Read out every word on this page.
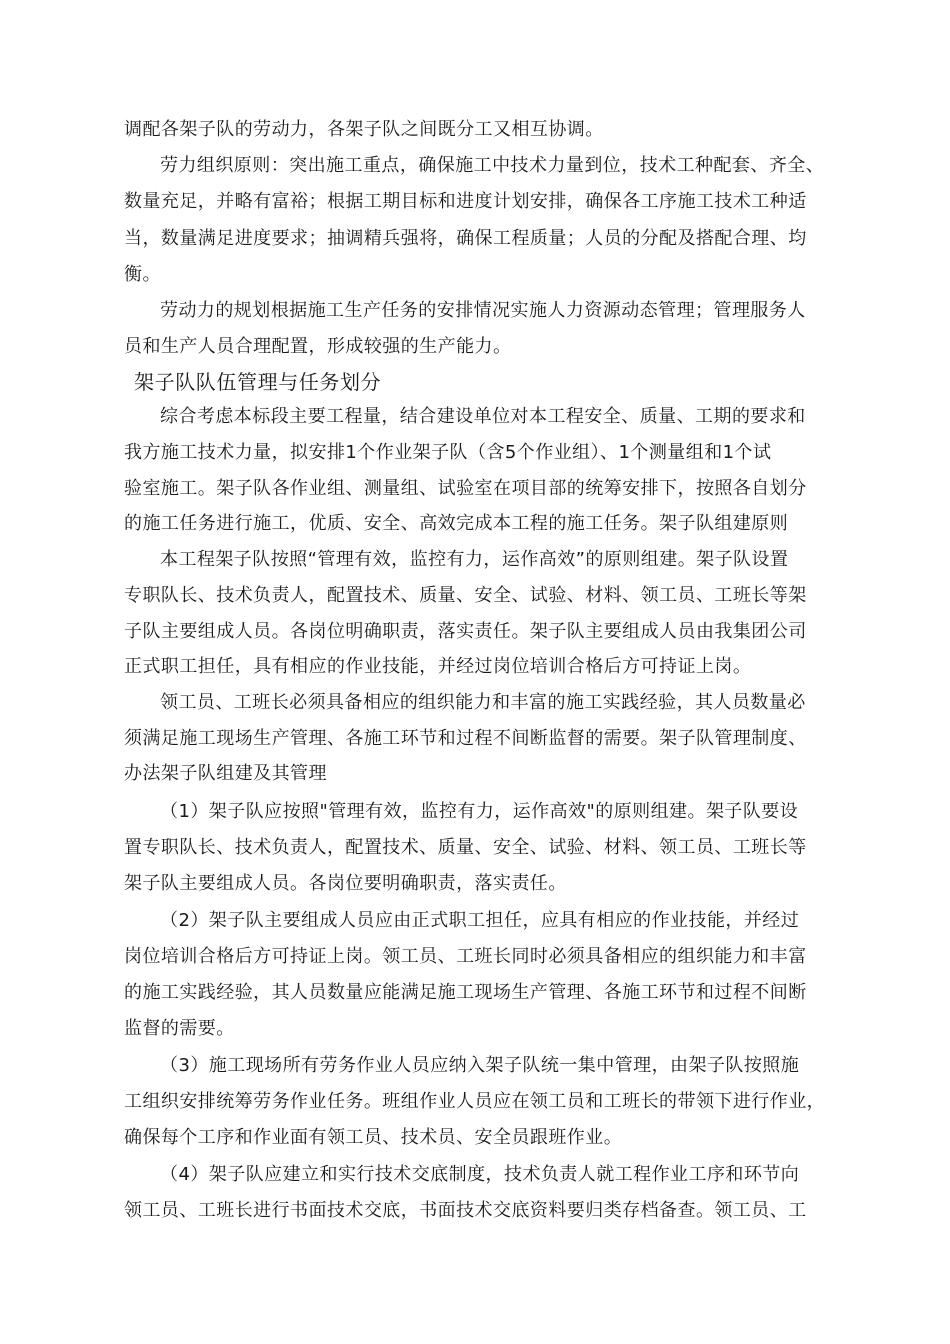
调配各架子队的劳动力，各架子队之间既分工又相互协调。
劳力组织原则：突出施工重点，确保施工中技术力量到位，技术工种配套、齐全、
数量充足，并略有富裕；根据工期目标和进度计划安排，确保各工序施工技术工种适
当，数量满足进度要求；抽调精兵强将，确保工程质量；人员的分配及搭配合理、均
衡。
劳动力的规划根据施工生产任务的安排情况实施人力资源动态管理；管理服务人
员和生产人员合理配置，形成较强的生产能力。
架子队队伍管理与任务划分
综合考虑本标段主要工程量，结合建设单位对本工程安全、质量、工期的要求和
我方施工技术力量，拟安排1个作业架子队（含5个作业组）、1个测量组和1个试
验室施工。架子队各作业组、测量组、试验室在项目部的统筹安排下，按照各自划分
的施工任务进行施工，优质、安全、高效完成本工程的施工任务。架子队组建原则
本工程架子队按照“管理有效，监控有力，运作高效”的原则组建。架子队设置
专职队长、技术负责人，配置技术、质量、安全、试验、材料、领工员、工班长等架
子队主要组成人员。各岗位明确职责，落实责任。架子队主要组成人员由我集团公司
正式职工担任，具有相应的作业技能，并经过岗位培训合格后方可持证上岗。
领工员、工班长必须具备相应的组织能力和丰富的施工实践经验，其人员数量必
须满足施工现场生产管理、各施工环节和过程不间断监督的需要。架子队管理制度、
办法架子队组建及其管理
（1）架子队应按照"管理有效，监控有力，运作高效"的原则组建。架子队要设
置专职队长、技术负责人，配置技术、质量、安全、试验、材料、领工员、工班长等
架子队主要组成人员。各岗位要明确职责，落实责任。
（2）架子队主要组成人员应由正式职工担任，应具有相应的作业技能，并经过
岗位培训合格后方可持证上岗。领工员、工班长同时必须具备相应的组织能力和丰富
的施工实践经验，其人员数量应能满足施工现场生产管理、各施工环节和过程不间断
监督的需要。
（3）施工现场所有劳务作业人员应纳入架子队统一集中管理，由架子队按照施
工组织安排统筹劳务作业任务。班组作业人员应在领工员和工班长的带领下进行作业，
确保每个工序和作业面有领工员、技术员、安全员跟班作业。
（4）架子队应建立和实行技术交底制度，技术负责人就工程作业工序和环节向
领工员、工班长进行书面技术交底，书面技术交底资料要归类存档备查。领工员、工
